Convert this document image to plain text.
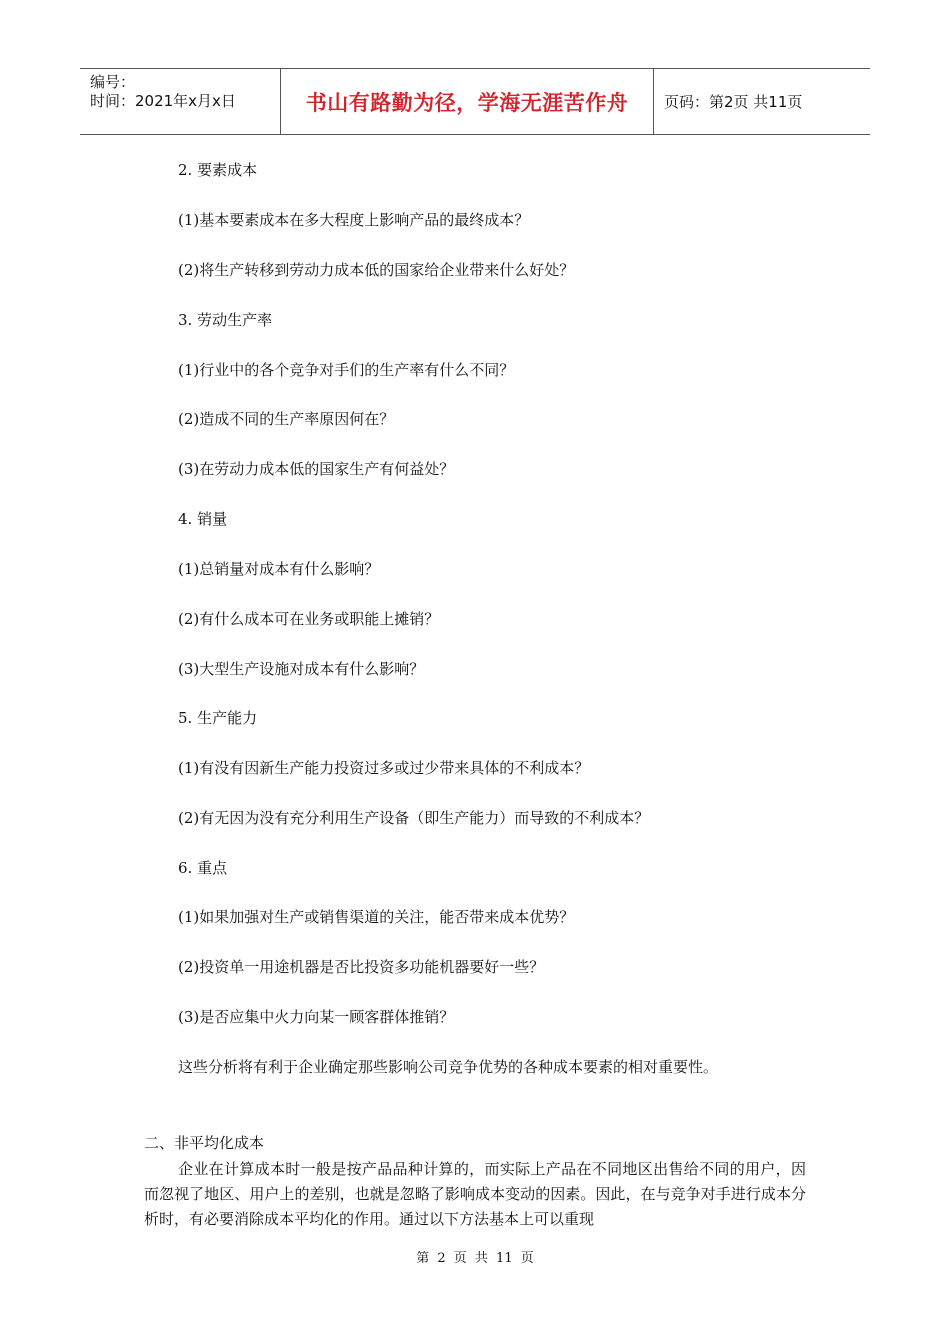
编号：
时间：2021年x月x日	书山有路勤为径，学海无涯苦作舟	页码：第2页 共11页
2. 要素成本
(1)基本要素成本在多大程度上影响产品的最终成本？
(2)将生产转移到劳动力成本低的国家给企业带来什么好处？
3. 劳动生产率
(1)行业中的各个竞争对手们的生产率有什么不同？
(2)造成不同的生产率原因何在？
(3)在劳动力成本低的国家生产有何益处？
4. 销量
(1)总销量对成本有什么影响？
(2)有什么成本可在业务或职能上摊销？
(3)大型生产设施对成本有什么影响？
5. 生产能力
(1)有没有因新生产能力投资过多或过少带来具体的不利成本？
(2)有无因为没有充分利用生产设备（即生产能力）而导致的不利成本？
6. 重点
(1)如果加强对生产或销售渠道的关注，能否带来成本优势？
(2)投资单一用途机器是否比投资多功能机器要好一些？
(3)是否应集中火力向某一顾客群体推销？
这些分析将有利于企业确定那些影响公司竞争优势的各种成本要素的相对重要性。
二、非平均化成本
企业在计算成本时一般是按产品品种计算的，而实际上产品在不同地区出售给不同的用户，因而忽视了地区、用户上的差别，也就是忽略了影响成本变动的因素。因此，在与竞争对手进行成本分析时，有必要消除成本平均化的作用。通过以下方法基本上可以重现
第 2 页 共 11 页
